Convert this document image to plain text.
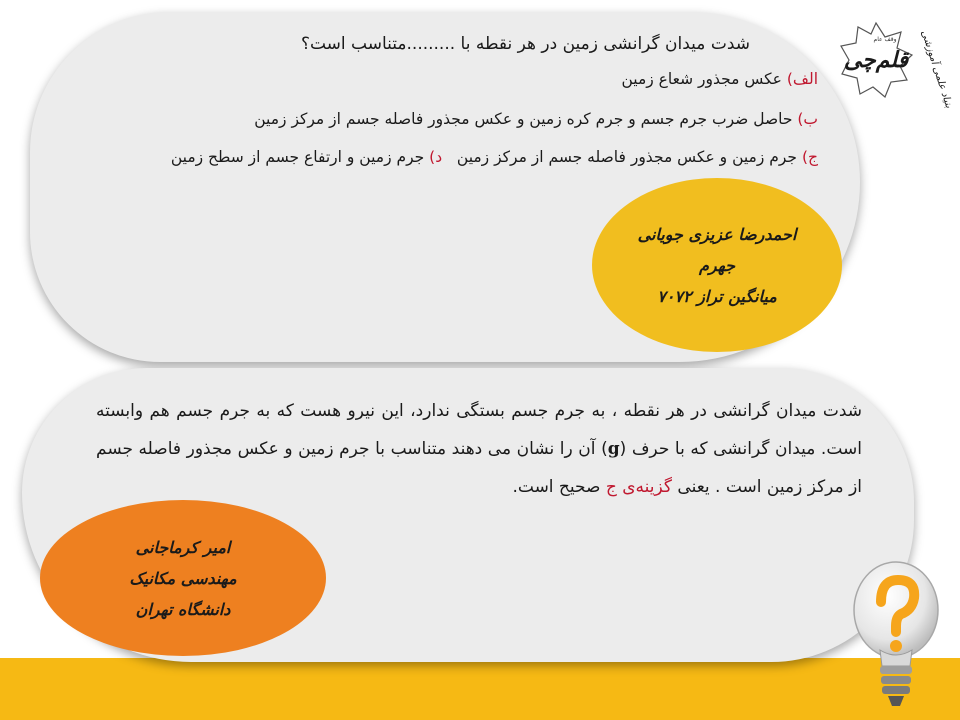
شدت میدان گرانشی زمین در هر نقطه با .........متناسب است؟
الف) عکس مجذور شعاع زمین
ب) حاصل ضرب جرم جسم و جرم کره زمین و عکس مجذور فاصله جسم از مرکز زمین
ج) جرم زمین و عکس مجذور فاصله جسم از مرکز زمین   د) جرم زمین و ارتفاع جسم از سطح زمین
احمدرضا عزیزی جویانی
جهرم
میانگین تراز ۷۰۷۲
شدت میدان گرانشی در هر نقطه ، به جرم جسم بستگی ندارد، این نیرو هست که به جرم جسم هم وابسته است. میدان گرانشی که با حرف (g) آن را نشان می دهند متناسب با جرم زمین و عکس مجذور فاصله جسم از مرکز زمین است . یعنی گزینه‌ی ج صحیح است.
امیر کرماجانی
مهندسی مکانیک
دانشگاه تهران
قلم‌چی
وقف عام بنیاد علمی آموزشی
